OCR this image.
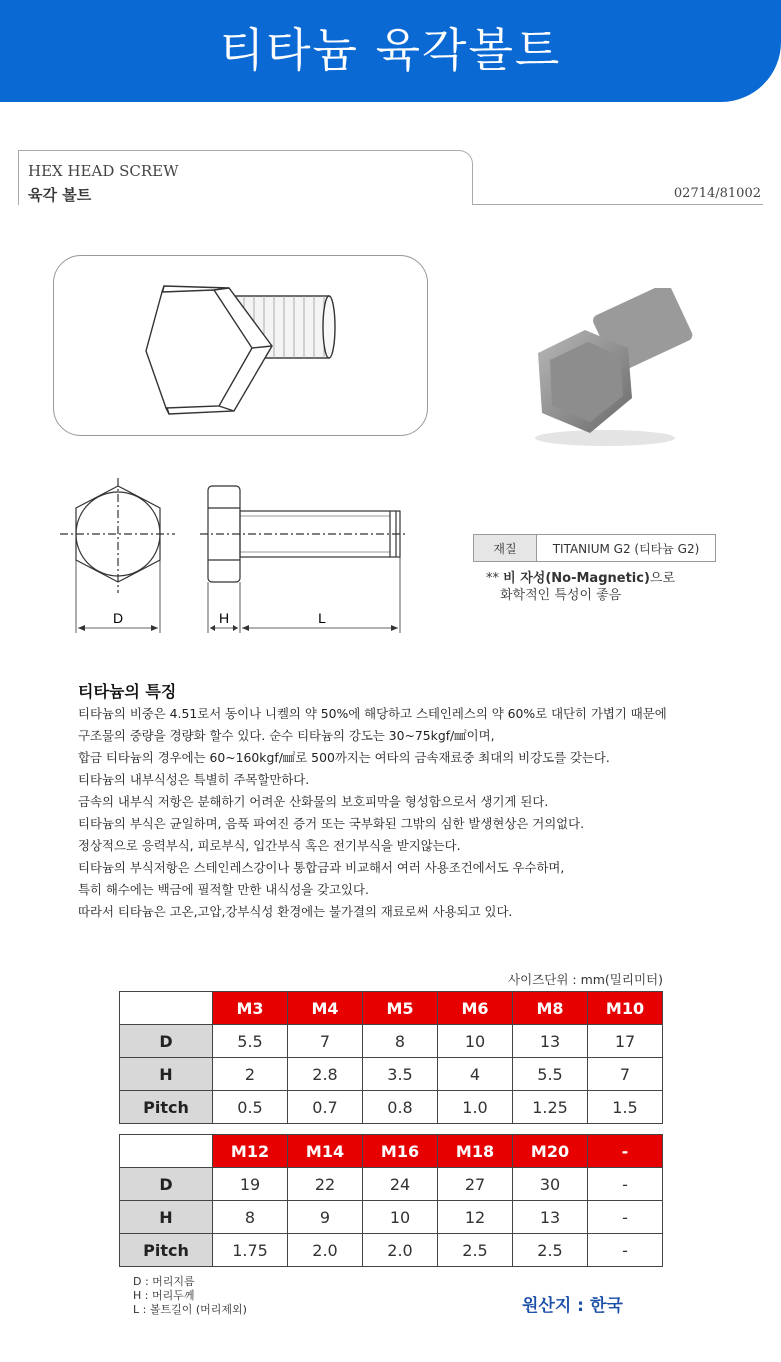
티타늄 육각볼트
HEX HEAD SCREW
육각 볼트	02714/81002
D	H	L
재질	TITANIUM G2 (티타늄 G2)
** 비 자성(No-Magnetic)으로
화학적인 특성이 좋음
티타늄의 특징
티타늄의 비중은 4.51로서 동이나 니켈의 약 50%에 해당하고 스테인레스의 약 60%로 대단히 가볍기 때문에
구조물의 중량을 경량화 할수 있다. 순수 티타늄의 강도는 30~75kgf/㎟이며,
합금 티타늄의 경우에는 60~160kgf/㎟로 500까지는 여타의 금속재료중 최대의 비강도를 갖는다.
티타늄의 내부식성은 특별히 주목할만하다.
금속의 내부식 저항은 분해하기 어려운 산화물의 보호피막을 형성함으로서 생기게 된다.
티타늄의 부식은 균일하며, 음푹 파여진 증거 또는 국부화된 그밖의 심한 발생현상은 거의없다.
정상적으로 응력부식, 피로부식, 입간부식 혹은 전기부식을 받지않는다.
티타늄의 부식저항은 스테인레스강이나 통합금과 비교해서 여러 사용조건에서도 우수하며,
특히 해수에는 백금에 필적할 만한 내식성을 갖고있다.
따라서 티타늄은 고온,고압,강부식성 환경에는 불가결의 재료로써 사용되고 있다.
사이즈단위 : mm(밀리미터)
	M3	M4	M5	M6	M8	M10
D	5.5	7	8	10	13	17
H	2	2.8	3.5	4	5.5	7
Pitch	0.5	0.7	0.8	1.0	1.25	1.5
	M12	M14	M16	M18	M20	-
D	19	22	24	27	30	-
H	8	9	10	12	13	-
Pitch	1.75	2.0	2.0	2.5	2.5	-
D : 머리지름
H : 머리두께
L : 볼트길이 (머리제외)	원산지 : 한국
